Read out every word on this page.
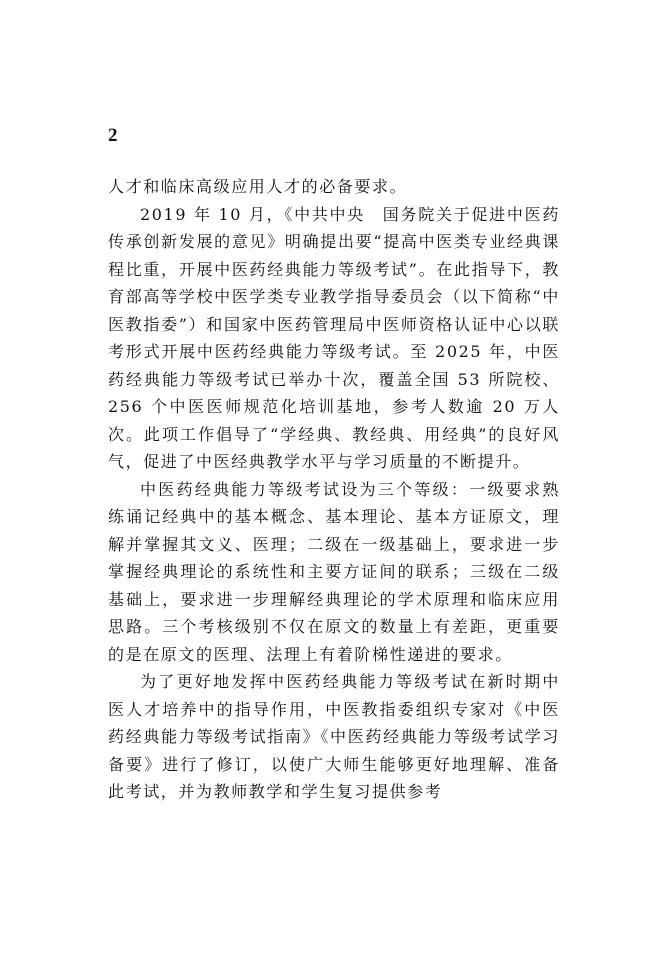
2

人才和临床高级应用人才的必备要求。

2019 年 10 月，《中共中央　国务院关于促进中医药传承创新发展的意见》明确提出要“提高中医类专业经典课程比重，开展中医药经典能力等级考试”。在此指导下，教育部高等学校中医学类专业教学指导委员会（以下简称“中医教指委”）和国家中医药管理局中医师资格认证中心以联考形式开展中医药经典能力等级考试。至 2025 年，中医药经典能力等级考试已举办十次，覆盖全国 53 所院校、256 个中医医师规范化培训基地，参考人数逾 20 万人次。此项工作倡导了“学经典、教经典、用经典”的良好风气，促进了中医经典教学水平与学习质量的不断提升。

中医药经典能力等级考试设为三个等级：一级要求熟练诵记经典中的基本概念、基本理论、基本方证原文，理解并掌握其文义、医理；二级在一级基础上，要求进一步掌握经典理论的系统性和主要方证间的联系；三级在二级基础上，要求进一步理解经典理论的学术原理和临床应用思路。三个考核级别不仅在原文的数量上有差距，更重要的是在原文的医理、法理上有着阶梯性递进的要求。

为了更好地发挥中医药经典能力等级考试在新时期中医人才培养中的指导作用，中医教指委组织专家对《中医药经典能力等级考试指南》《中医药经典能力等级考试学习备要》进行了修订，以使广大师生能够更好地理解、准备此考试，并为教师教学和学生复习提供参考
